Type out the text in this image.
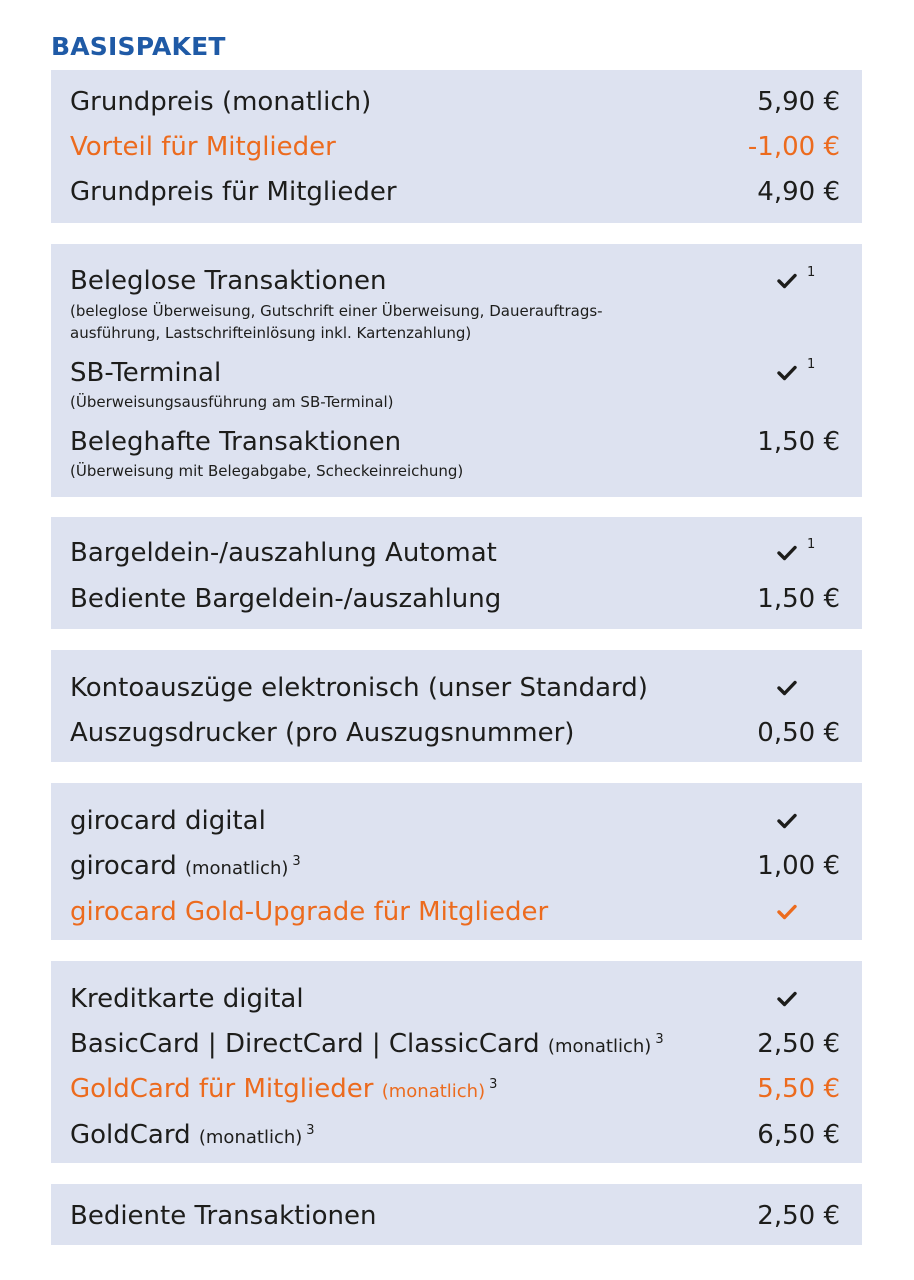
BASISPAKET
Grundpreis (monatlich)	5,90 €
Vorteil für Mitglieder	-1,00 €
Grundpreis für Mitglieder	4,90 €
Beleglose Transaktionen	1
(beleglose Überweisung, Gutschrift einer Überweisung, Dauerauftrags-
ausführung, Lastschrifteinlösung inkl. Kartenzahlung)
SB-Terminal	1
(Überweisungsausführung am SB-Terminal)
Beleghafte Transaktionen	1,50 €
(Überweisung mit Belegabgabe, Scheckeinreichung)
Bargeldein-/auszahlung Automat	1
Bediente Bargeldein-/auszahlung	1,50 €
Kontoauszüge elektronisch (unser Standard)
Auszugsdrucker (pro Auszugsnummer)	0,50 €
girocard digital
girocard (monatlich) $^3$	1,00 €
girocard Gold-Upgrade für Mitglieder
Kreditkarte digital
BasicCard | DirectCard | ClassicCard (monatlich) $^3$	2,50 €
GoldCard für Mitglieder (monatlich) $^3$	5,50 €
GoldCard (monatlich) $^3$	6,50 €
Bediente Transaktionen	2,50 €
